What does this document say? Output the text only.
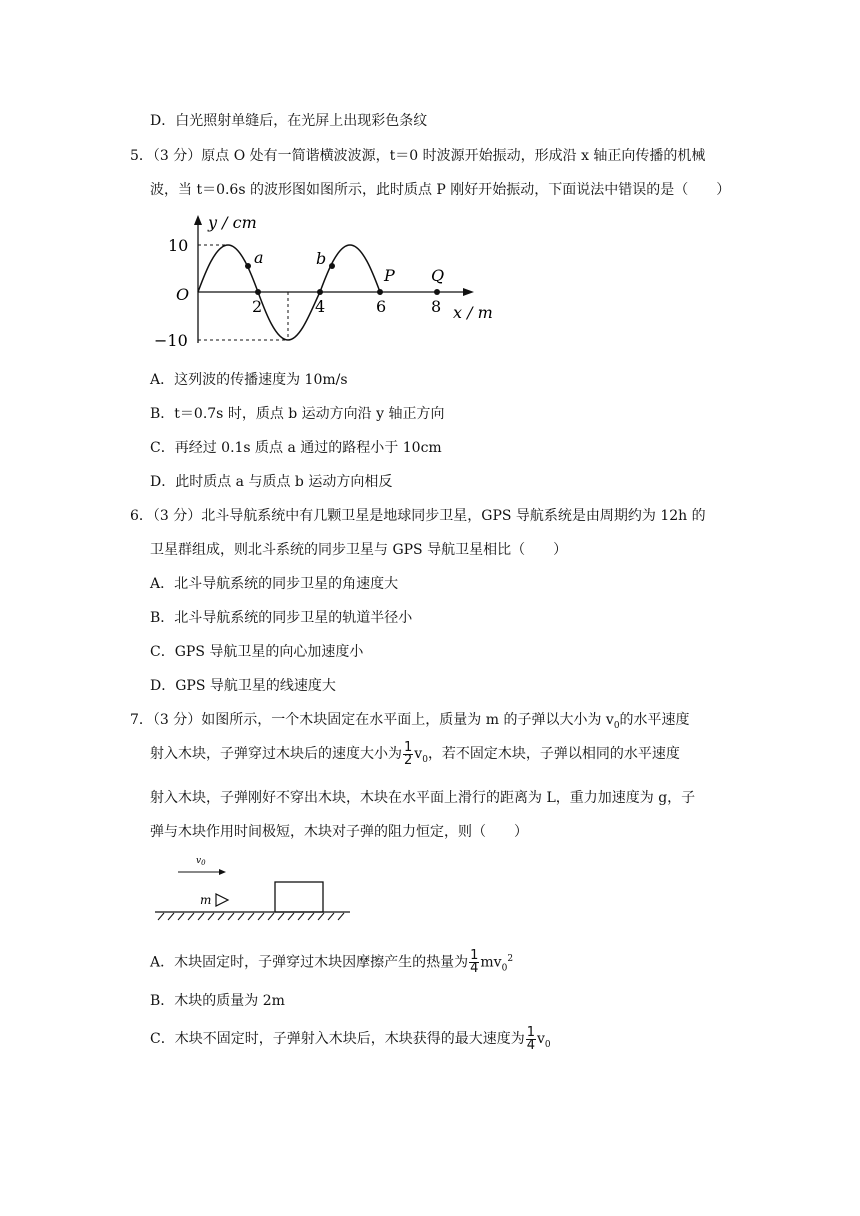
D．白光照射单缝后，在光屏上出现彩色条纹
5．（3 分）原点 O 处有一简谐横波波源，t＝0 时波源开始振动，形成沿 x 轴正向传播的机械
波，当 t＝0.6s 的波形图如图所示，此时质点 P 刚好开始振动，下面说法中错误的是（　　）
y / cm
x / m
O
10
−10
2	4	6	8
a	b
P Q
A．这列波的传播速度为 10m/s
B．t＝0.7s 时，质点 b 运动方向沿 y 轴正方向
C．再经过 0.1s 质点 a 通过的路程小于 10cm
D．此时质点 a 与质点 b 运动方向相反
6．（3 分）北斗导航系统中有几颗卫星是地球同步卫星，GPS 导航系统是由周期约为 12h 的
卫星群组成，则北斗系统的同步卫星与 GPS 导航卫星相比（　　）
A．北斗导航系统的同步卫星的角速度大
B．北斗导航系统的同步卫星的轨道半径小
C．GPS 导航卫星的向心加速度小
D．GPS 导航卫星的线速度大
7．（3 分）如图所示，一个木块固定在水平面上，质量为 m 的子弹以大小为 $v_0$的水平速度
射入木块，子弹穿过木块后的速度大小为 $\frac{1}{2} v_0$，若不固定木块，子弹以相同的水平速度
射入木块，子弹刚好不穿出木块，木块在水平面上滑行的距离为 L，重力加速度为 g，子
弹与木块作用时间极短，木块对子弹的阻力恒定，则（　　）
$v_0$
m
A．木块固定时，子弹穿过木块因摩擦产生的热量为 $\frac{1}{4} mv_0^2$
B．木块的质量为 2m
C．木块不固定时，子弹射入木块后，木块获得的最大速度为 $\frac{1}{4} v_0$
